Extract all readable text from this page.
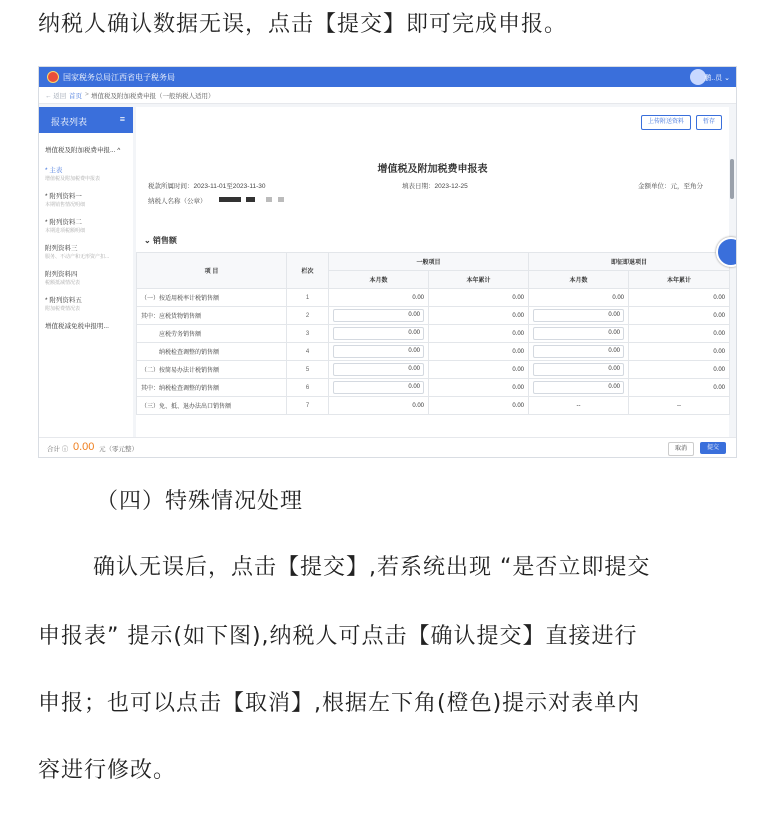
纳税人确认数据无误，点击【提交】即可完成申报。

国家税务总局江西省电子税务局	鹏..员 ⌄
← 返回 首页 > 增值税及附加税费申报（一般纳税人适用）
报表列表	≡
增值税及附加税费申报... ^
* 主表
增值税及附加税费申报表
* 附列资料一
本期销售情况明细
* 附列资料二
本期进项税额明细
附列资料三
服务、不动产和无形资产扣...
附列资料四
税额抵减情况表
* 附列资料五
附加税费情况表
增值税减免税申报明...
上传附送资料	暂存
增值税及附加税费申报表
税款所属时间：2023-11-01至2023-11-30	填表日期：2023-12-25	金额单位：元，至角分
纳税人名称（公章）
⌄ 销售额
项 目	栏次	一般项目		即征即退项目	
		本月数	本年累计	本月数	本年累计
（一）按适用税率计税销售额	1	0.00	0.00	0.00	0.00
其中：应税货物销售额	2	0.00	0.00	0.00	0.00
　　　应税劳务销售额	3	0.00	0.00	0.00	0.00
　　　纳税检查调整的销售额	4	0.00	0.00	0.00	0.00
（二）按简易办法计税销售额	5	0.00	0.00	0.00	0.00
其中：纳税检查调整的销售额	6	0.00	0.00	0.00	0.00
（三）免、抵、退办法出口销售额	7	0.00	0.00	--	--
合计 ⓘ 0.00 元（零元整）	取消	提交

（四）特殊情况处理

确认无误后，点击【提交】,若系统出现 “是否立即提交

申报表” 提示(如下图),纳税人可点击【确认提交】直接进行

申报；也可以点击【取消】,根据左下角(橙色)提示对表单内

容进行修改。
